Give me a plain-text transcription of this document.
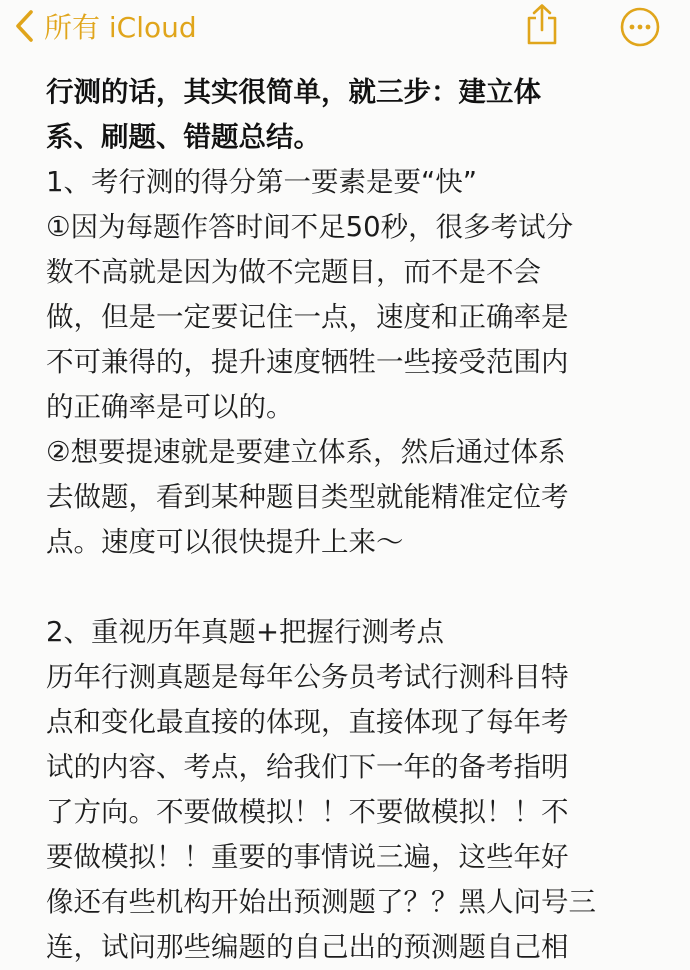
所有 iCloud

行测的话，其实很简单，就三步：建立体

系、刷题、错题总结。

1、考行测的得分第一要素是要“快”

①因为每题作答时间不足50秒，很多考试分

数不高就是因为做不完题目，而不是不会

做，但是一定要记住一点，速度和正确率是

不可兼得的，提升速度牺牲一些接受范围内

的正确率是可以的。

②想要提速就是要建立体系，然后通过体系

去做题，看到某种题目类型就能精准定位考

点。速度可以很快提升上来～

2、重视历年真题+把握行测考点

历年行测真题是每年公务员考试行测科目特

点和变化最直接的体现，直接体现了每年考

试的内容、考点，给我们下一年的备考指明

了方向。不要做模拟！！不要做模拟！！不

要做模拟！！重要的事情说三遍，这些年好

像还有些机构开始出预测题了？？黑人问号三

连，试问那些编题的自己出的预测题自己相
